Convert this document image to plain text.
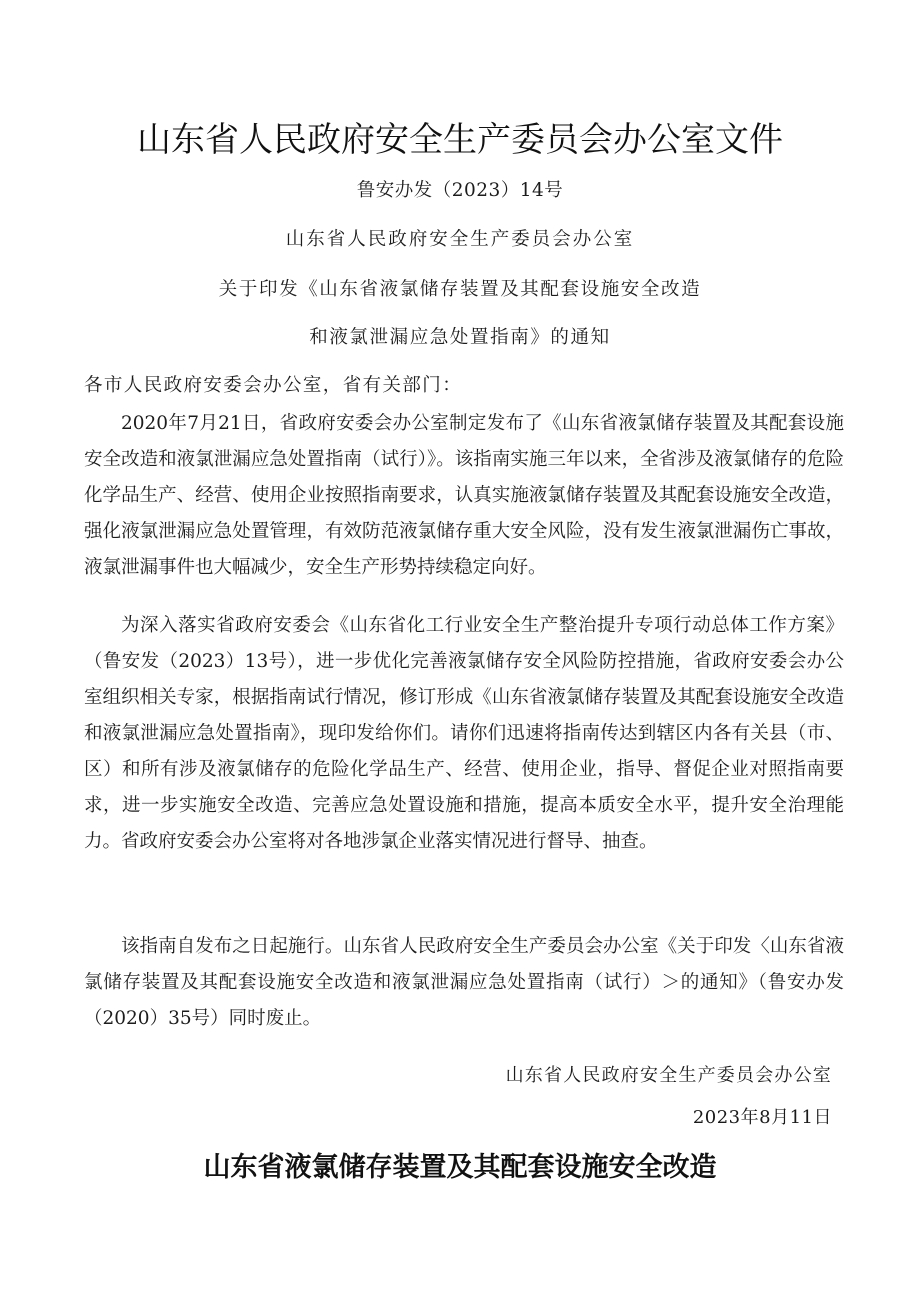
山东省人民政府安全生产委员会办公室文件

鲁安办发（2023）14号

山东省人民政府安全生产委员会办公室

关于印发《山东省液氯储存装置及其配套设施安全改造

和液氯泄漏应急处置指南》的通知

各市人民政府安委会办公室，省有关部门：

2020年7月21日，省政府安委会办公室制定发布了《山东省液氯储存装置及其配套设施安全改造和液氯泄漏应急处置指南（试行）》。该指南实施三年以来，全省涉及液氯储存的危险化学品生产、经营、使用企业按照指南要求，认真实施液氯储存装置及其配套设施安全改造，强化液氯泄漏应急处置管理，有效防范液氯储存重大安全风险，没有发生液氯泄漏伤亡事故，液氯泄漏事件也大幅减少，安全生产形势持续稳定向好。

为深入落实省政府安委会《山东省化工行业安全生产整治提升专项行动总体工作方案》（鲁安发（2023）13号），进一步优化完善液氯储存安全风险防控措施，省政府安委会办公室组织相关专家，根据指南试行情况，修订形成《山东省液氯储存装置及其配套设施安全改造和液氯泄漏应急处置指南》，现印发给你们。请你们迅速将指南传达到辖区内各有关县（市、区）和所有涉及液氯储存的危险化学品生产、经营、使用企业，指导、督促企业对照指南要求，进一步实施安全改造、完善应急处置设施和措施，提高本质安全水平，提升安全治理能力。省政府安委会办公室将对各地涉氯企业落实情况进行督导、抽查。

该指南自发布之日起施行。山东省人民政府安全生产委员会办公室《关于印发〈山东省液氯储存装置及其配套设施安全改造和液氯泄漏应急处置指南（试行）＞的通知》（鲁安办发（2020）35号）同时废止。

山东省人民政府安全生产委员会办公室

2023年8月11日

山东省液氯储存装置及其配套设施安全改造
